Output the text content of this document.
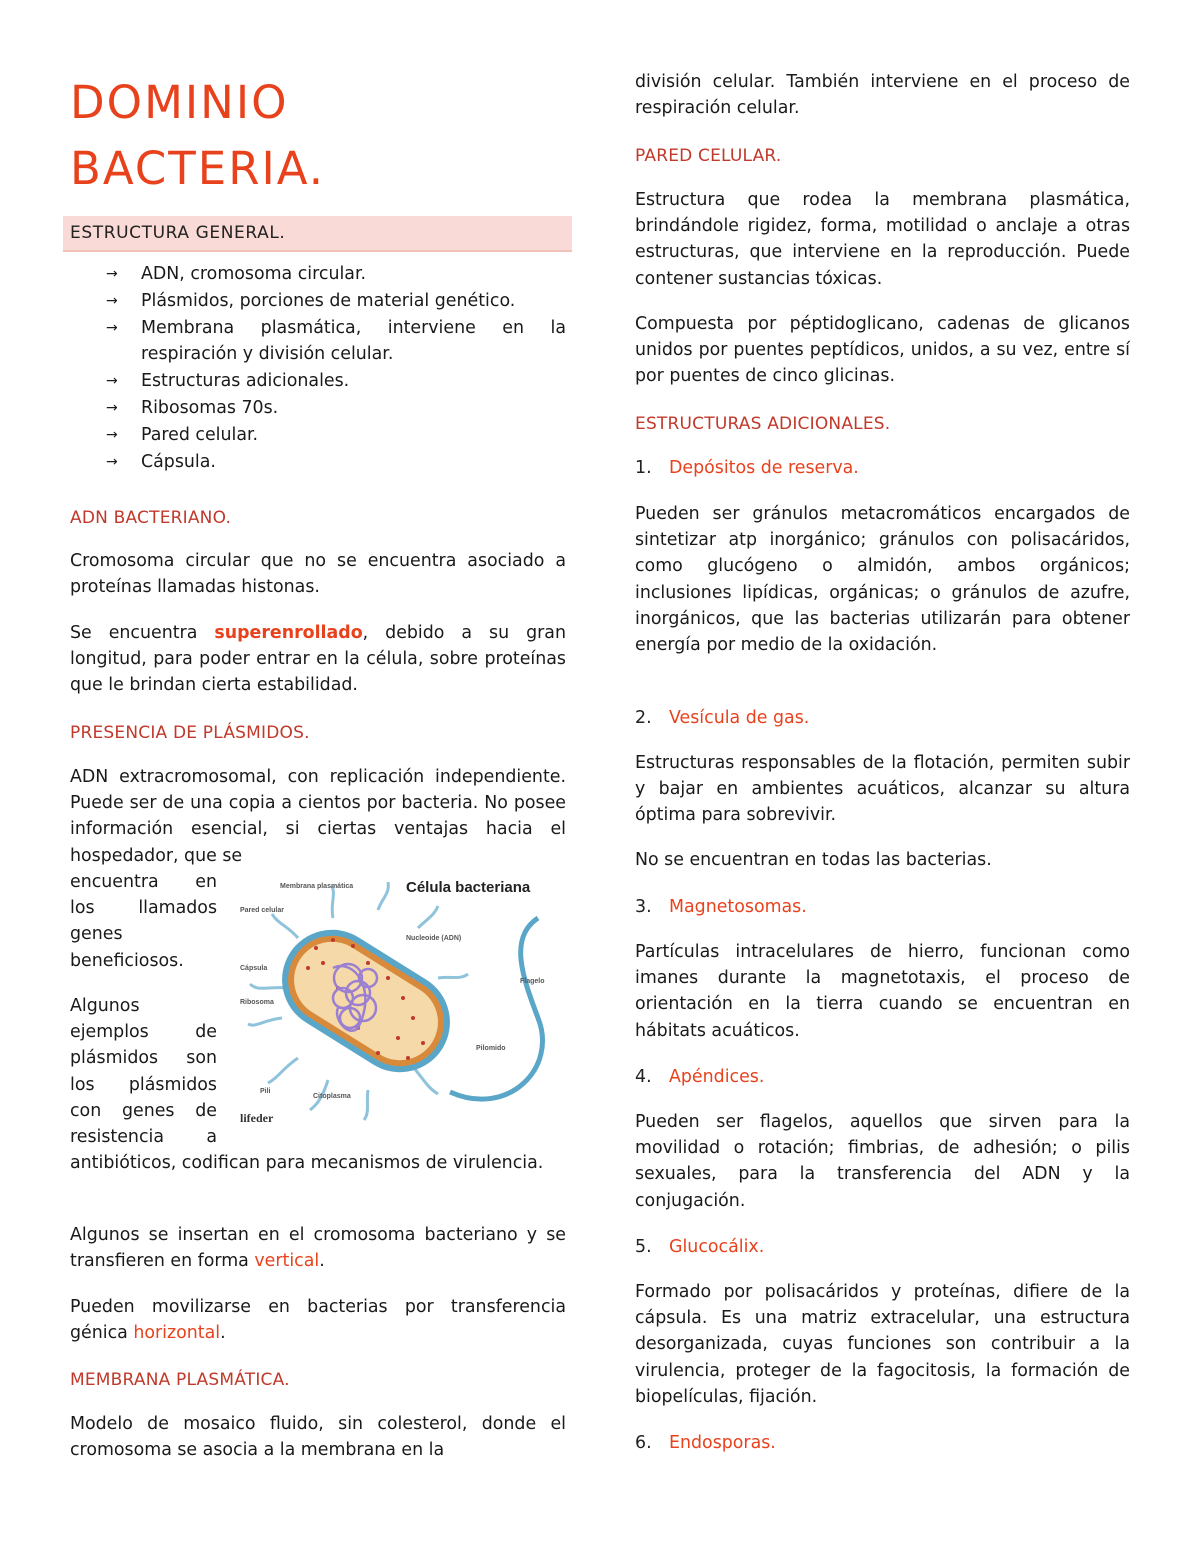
DOMINIO
BACTERIA.
ESTRUCTURA GENERAL.
→ ADN, cromosoma circular.
→ Plásmidos, porciones de material genético.
→ Membrana plasmática, interviene en la respiración y división celular.
→ Estructuras adicionales.
→ Ribosomas 70s.
→ Pared celular.
→ Cápsula.

ADN BACTERIANO.

Cromosoma circular que no se encuentra asociado a proteínas llamadas histonas.

Se encuentra superenrollado, debido a su gran longitud, para poder entrar en la célula, sobre proteínas que le brindan cierta estabilidad.

PRESENCIA DE PLÁSMIDOS.

ADN extracromosomal, con replicación independiente. Puede ser de una copia a cientos por bacteria. No posee información esencial, si ciertas ventajas hacia el hospedador, que se

encuentra en

los llamados

genes

beneficiosos.

Algunos

ejemplos de

plásmidos son

los plásmidos

con genes de

resistencia a

antibióticos, codifican para mecanismos de virulencia.

Algunos se insertan en el cromosoma bacteriano y se transfieren en forma vertical.

Pueden movilizarse en bacterias por transferencia génica horizontal.

MEMBRANA PLASMÁTICA.

Modelo de mosaico fluido, sin colesterol, donde el cromosoma se asocia a la membrana en la

Célula bacteriana
Membrana plasmática
Pared celular
Cápsula
Ribosoma
Nucleoide (ADN)
Flagelo
Pilomido
Pili
Citoplasma
lifeder

división celular. También interviene en el proceso de respiración celular.

PARED CELULAR.

Estructura que rodea la membrana plasmática, brindándole rigidez, forma, motilidad o anclaje a otras estructuras, que interviene en la reproducción. Puede contener sustancias tóxicas.

Compuesta por péptidoglicano, cadenas de glicanos unidos por puentes peptídicos, unidos, a su vez, entre sí por puentes de cinco glicinas.

ESTRUCTURAS ADICIONALES.

1. Depósitos de reserva.

Pueden ser gránulos metacromáticos encargados de sintetizar atp inorgánico; gránulos con polisacáridos, como glucógeno o almidón, ambos orgánicos; inclusiones lipídicas, orgánicas; o gránulos de azufre, inorgánicos, que las bacterias utilizarán para obtener energía por medio de la oxidación.

2. Vesícula de gas.

Estructuras responsables de la flotación, permiten subir y bajar en ambientes acuáticos, alcanzar su altura óptima para sobrevivir.

No se encuentran en todas las bacterias.

3. Magnetosomas.

Partículas intracelulares de hierro, funcionan como imanes durante la magnetotaxis, el proceso de orientación en la tierra cuando se encuentran en hábitats acuáticos.

4. Apéndices.

Pueden ser flagelos, aquellos que sirven para la movilidad o rotación; fimbrias, de adhesión; o pilis sexuales, para la transferencia del ADN y la conjugación.

5. Glucocálix.

Formado por polisacáridos y proteínas, difiere de la cápsula. Es una matriz extracelular, una estructura desorganizada, cuyas funciones son contribuir a la virulencia, proteger de la fagocitosis, la formación de biopelículas, fijación.

6. Endosporas.
